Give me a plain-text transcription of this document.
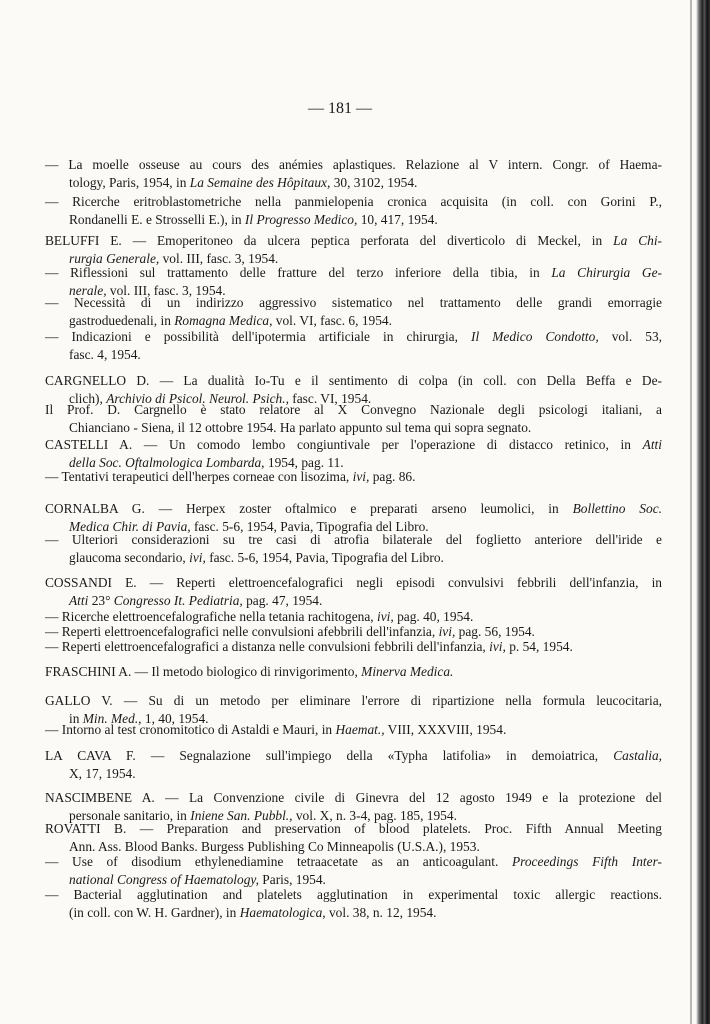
— 181 —
— La moelle osseuse au cours des anémies aplastiques. Relazione al V intern. Congr. of Haema-
tology, Paris, 1954, in La Semaine des Hôpitaux, 30, 3102, 1954.
— Ricerche eritroblastometriche nella panmielopenia cronica acquisita (in coll. con Gorini P.,
Rondanelli E. e Strosselli E.), in Il Progresso Medico, 10, 417, 1954.
BELUFFI E. — Emoperitoneo da ulcera peptica perforata del diverticolo di Meckel, in La Chi-
rurgia Generale, vol. III, fasc. 3, 1954.
— Riflessioni sul trattamento delle fratture del terzo inferiore della tibia, in La Chirurgia Ge-
nerale, vol. III, fasc. 3, 1954.
— Necessità di un indirizzo aggressivo sistematico nel trattamento delle grandi emorragie
gastroduedenali, in Romagna Medica, vol. VI, fasc. 6, 1954.
— Indicazioni e possibilità dell'ipotermia artificiale in chirurgia, Il Medico Condotto, vol. 53,
fasc. 4, 1954.
CARGNELLO D. — La dualità Io-Tu e il sentimento di colpa (in coll. con Della Beffa e De-
clich), Archivio di Psicol. Neurol. Psich., fasc. VI, 1954.
Il Prof. D. Cargnello è stato relatore al X Convegno Nazionale degli psicologi italiani, a
Chianciano - Siena, il 12 ottobre 1954. Ha parlato appunto sul tema qui sopra segnato.
CASTELLI A. — Un comodo lembo congiuntivale per l'operazione di distacco retinico, in Atti
della Soc. Oftalmologica Lombarda, 1954, pag. 11.
— Tentativi terapeutici dell'herpes corneae con lisozima, ivi, pag. 86.
CORNALBA G. — Herpex zoster oftalmico e preparati arseno leumolici, in Bollettino Soc.
Medica Chir. di Pavia, fasc. 5-6, 1954, Pavia, Tipografia del Libro.
— Ulteriori considerazioni su tre casi di atrofia bilaterale del foglietto anteriore dell'iride e
glaucoma secondario, ivi, fasc. 5-6, 1954, Pavia, Tipografia del Libro.
COSSANDI E. — Reperti elettroencefalografici negli episodi convulsivi febbrili dell'infanzia, in
Atti 23° Congresso It. Pediatria, pag. 47, 1954.
— Ricerche elettroencefalografiche nella tetania rachitogena, ivi, pag. 40, 1954.
— Reperti elettroencefalografici nelle convulsioni afebbrili dell'infanzia, ivi, pag. 56, 1954.
— Reperti elettroencefalografici a distanza nelle convulsioni febbrili dell'infanzia, ivi, p. 54, 1954.
FRASCHINI A. — Il metodo biologico di rinvigorimento, Minerva Medica.
GALLO V. — Su di un metodo per eliminare l'errore di ripartizione nella formula leucocitaria,
in Min. Med., 1, 40, 1954.
— Intorno al test cronomitotico di Astaldi e Mauri, in Haemat., VIII, XXXVIII, 1954.
LA CAVA F. — Segnalazione sull'impiego della «Typha latifolia» in demoiatrica, Castalia,
X, 17, 1954.
NASCIMBENE A. — La Convenzione civile di Ginevra del 12 agosto 1949 e la protezione del
personale sanitario, in Iniene San. Pubbl., vol. X, n. 3-4, pag. 185, 1954.
ROVATTI B. — Preparation and preservation of blood platelets. Proc. Fifth Annual Meeting
Ann. Ass. Blood Banks. Burgess Publishing Co Minneapolis (U.S.A.), 1953.
— Use of disodium ethylenediamine tetraacetate as an anticoagulant. Proceedings Fifth Inter-
national Congress of Haematology, Paris, 1954.
— Bacterial agglutination and platelets agglutination in experimental toxic allergic reactions.
(in coll. con W. H. Gardner), in Haematologica, vol. 38, n. 12, 1954.
